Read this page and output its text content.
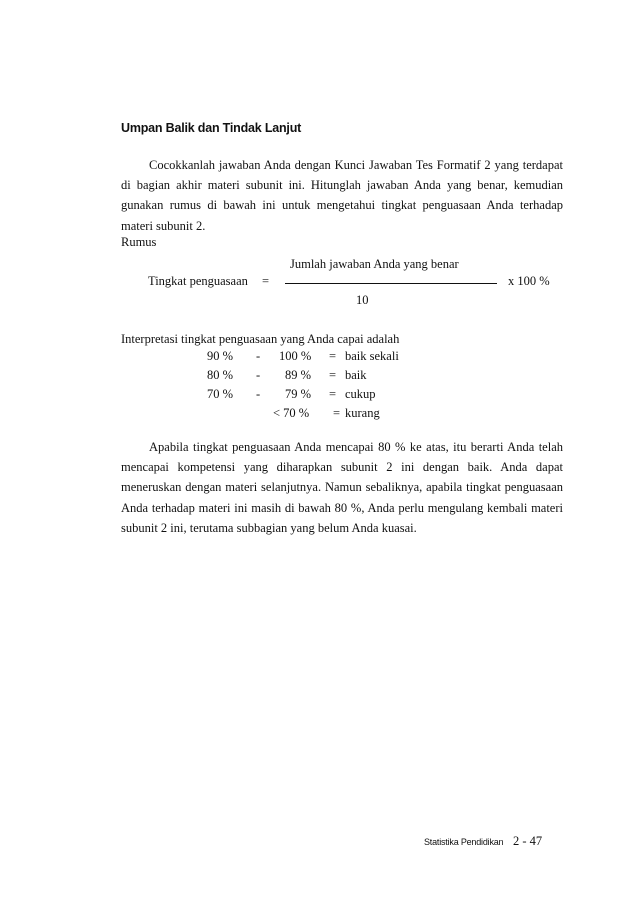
Umpan Balik dan Tindak Lanjut

Cocokkanlah jawaban Anda dengan Kunci Jawaban Tes Formatif 2 yang terdapat di bagian akhir materi subunit ini. Hitunglah jawaban Anda yang benar, kemudian gunakan rumus di bawah ini untuk mengetahui tingkat penguasaan Anda terhadap materi subunit 2.

Rumus

Jumlah jawaban Anda yang benar

Tingkat penguasaan =	x 100 %

10

Interpretasi tingkat penguasaan yang Anda capai adalah

90 % - 100 % = baik sekali
80 % - 89 % = baik
70 % - 79 % = cukup
< 70 % = kurang

Apabila tingkat penguasaan Anda mencapai 80 % ke atas, itu berarti Anda telah mencapai kompetensi yang diharapkan subunit 2 ini dengan baik. Anda dapat meneruskan dengan materi selanjutnya. Namun sebaliknya, apabila tingkat penguasaan Anda terhadap materi ini masih di bawah 80 %, Anda perlu mengulang kembali materi subunit 2 ini, terutama subbagian yang belum Anda kuasai.

Statistika Pendidikan 2 - 47
